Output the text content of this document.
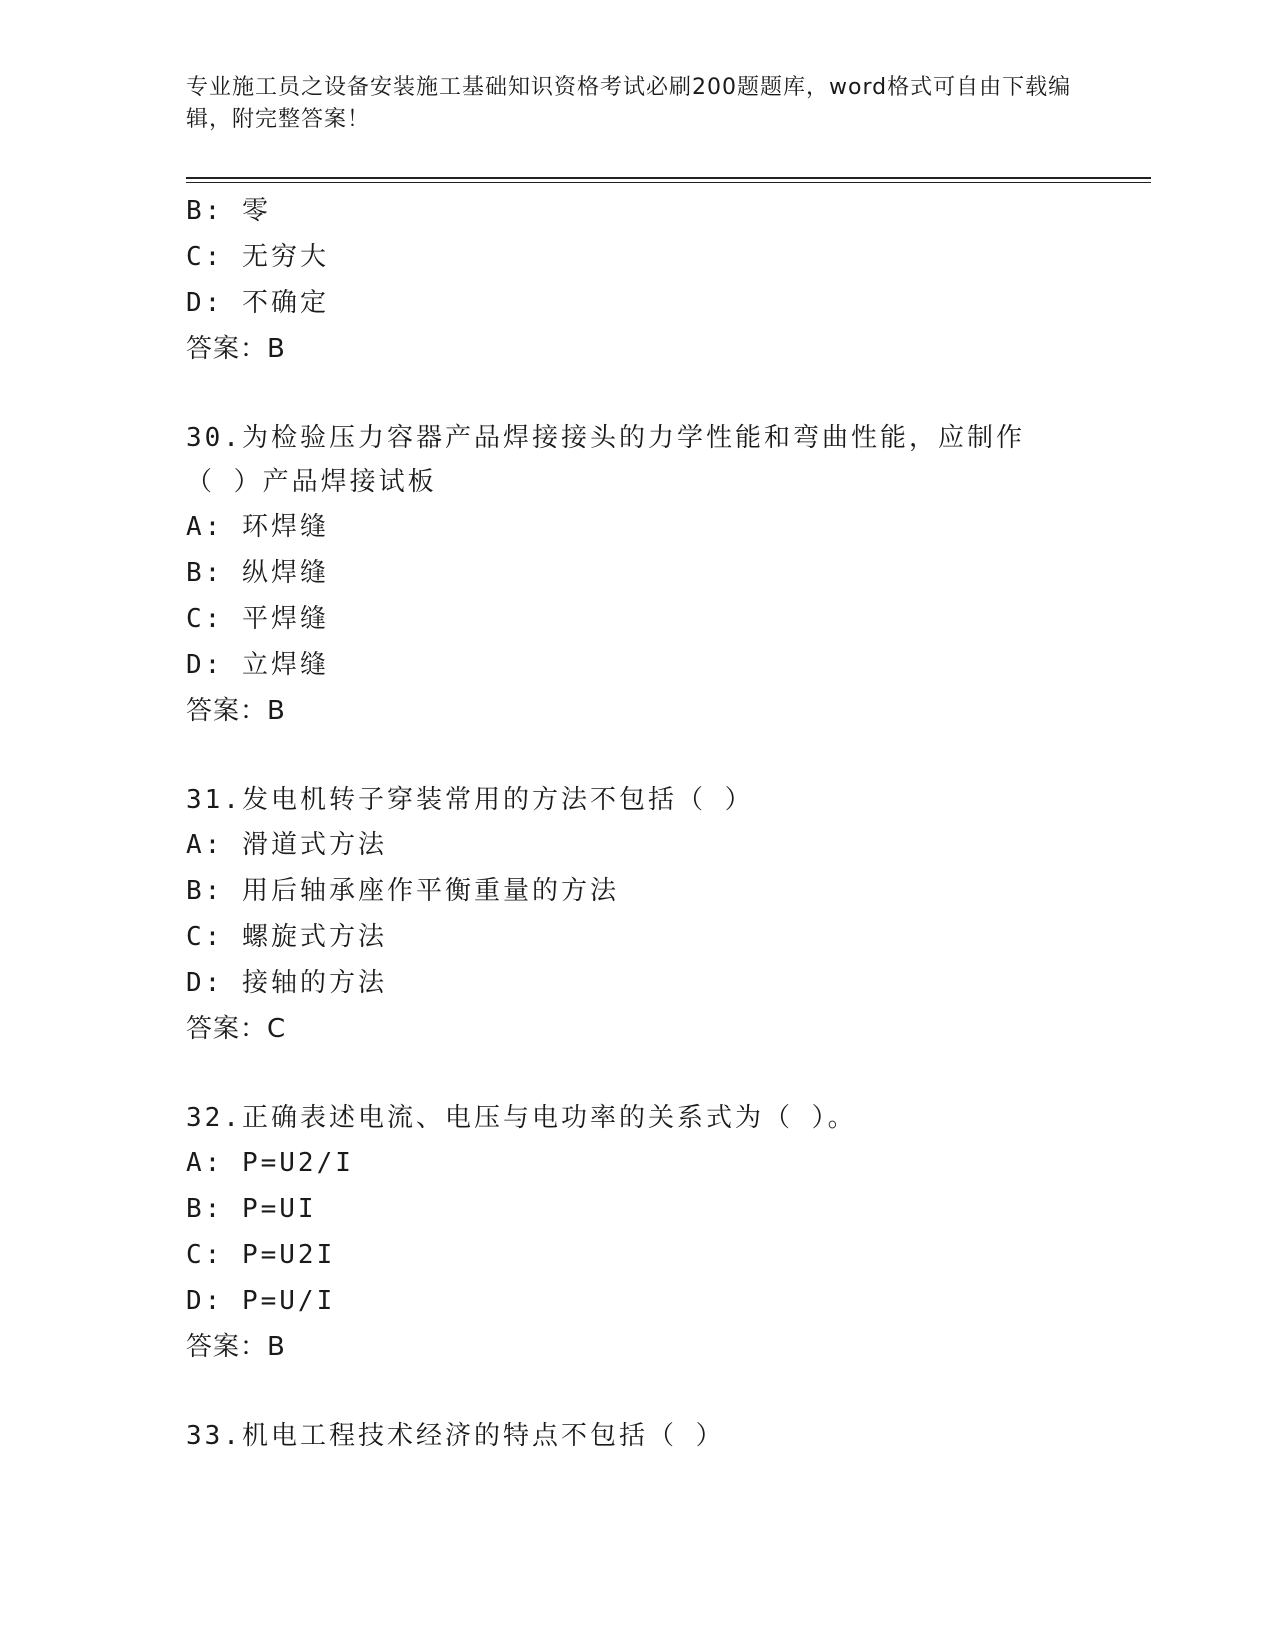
专业施工员之设备安装施工基础知识资格考试必刷200题题库，word格式可自由下载编辑，附完整答案！
B: 零
C: 无穷大
D: 不确定
答案：B
30.为检验压力容器产品焊接接头的力学性能和弯曲性能，应制作（ ）产品焊接试板
A: 环焊缝
B: 纵焊缝
C: 平焊缝
D: 立焊缝
答案：B
31.发电机转子穿装常用的方法不包括（ ）
A: 滑道式方法
B: 用后轴承座作平衡重量的方法
C: 螺旋式方法
D: 接轴的方法
答案：C
32.正确表述电流、电压与电功率的关系式为（ ）。
A: P=U2/I
B: P=UI
C: P=U2I
D: P=U/I
答案：B
33.机电工程技术经济的特点不包括（ ）
